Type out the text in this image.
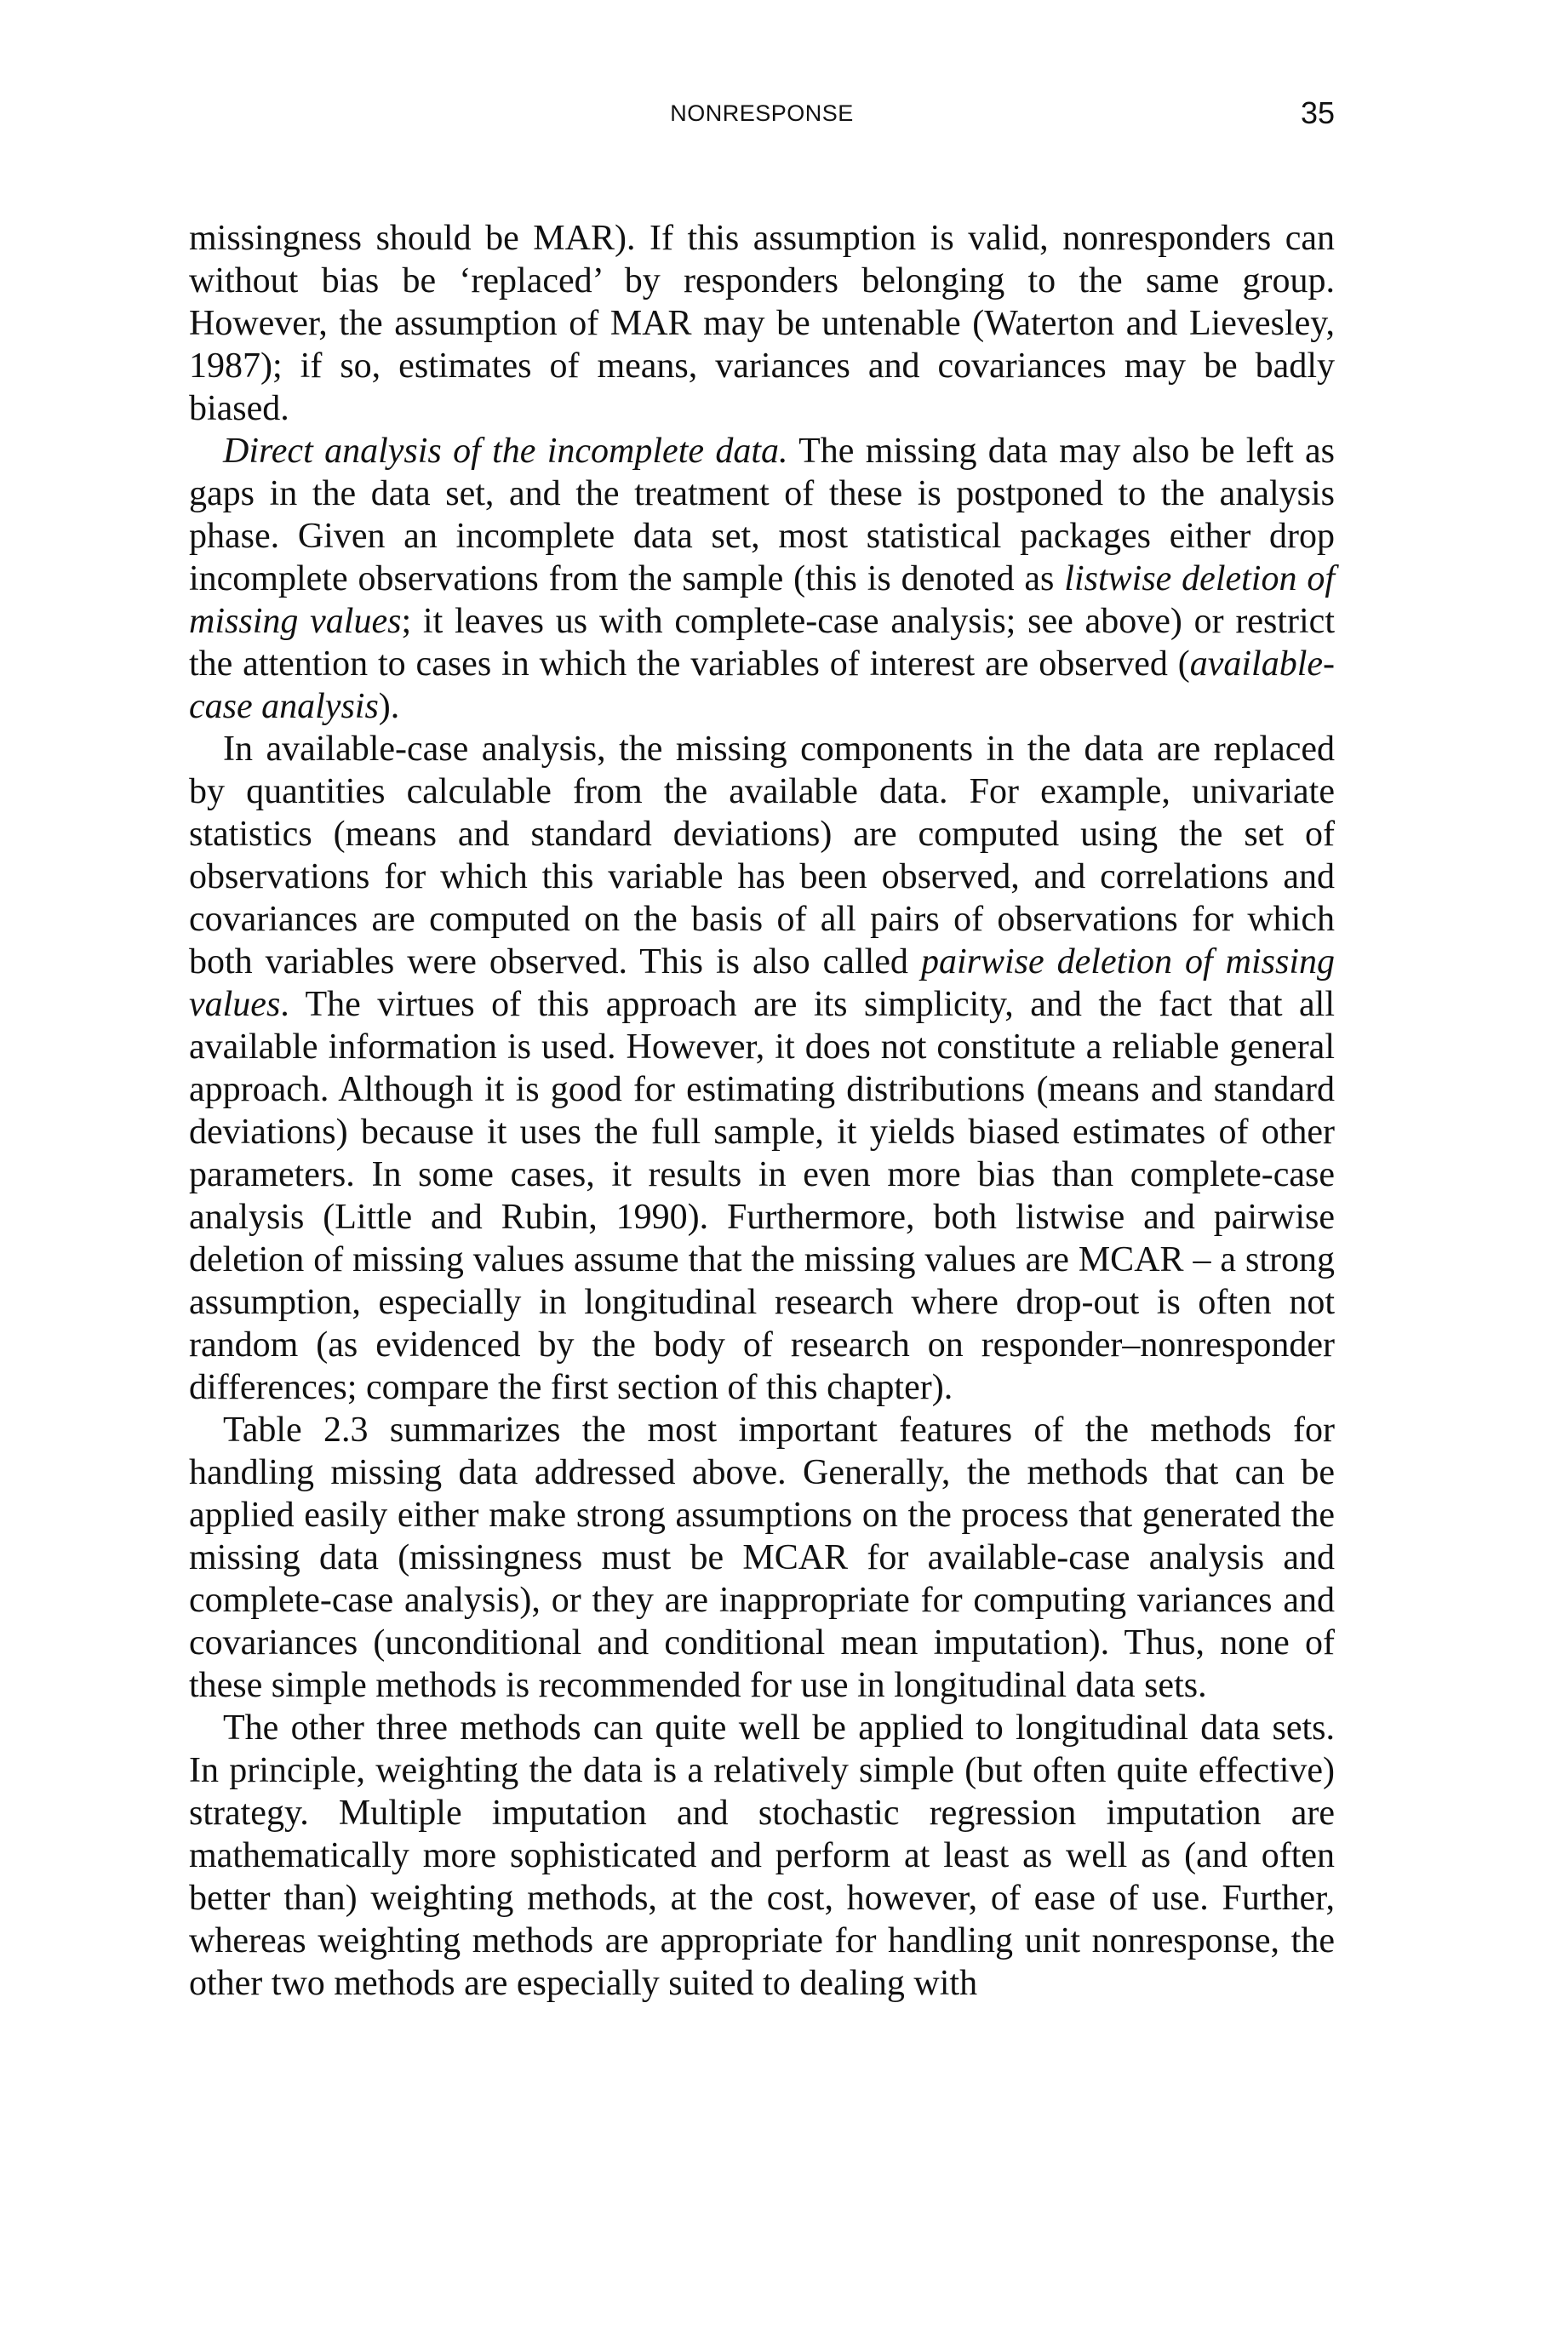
NONRESPONSE	35

missingness should be MAR). If this assumption is valid, nonresponders can without bias be ‘replaced’ by responders belonging to the same group. However, the assumption of MAR may be untenable (Waterton and Lievesley, 1987); if so, estimates of means, variances and covariances may be badly biased.

Direct analysis of the incomplete data. The missing data may also be left as gaps in the data set, and the treatment of these is postponed to the analysis phase. Given an incomplete data set, most statistical packages either drop incomplete observations from the sample (this is denoted as listwise deletion of missing values; it leaves us with complete-case analysis; see above) or restrict the attention to cases in which the variables of interest are observed (available-case analysis).

In available-case analysis, the missing components in the data are replaced by quantities calculable from the available data. For example, univariate statistics (means and standard deviations) are computed using the set of observations for which this variable has been observed, and correlations and covariances are computed on the basis of all pairs of observations for which both variables were observed. This is also called pairwise deletion of missing values. The virtues of this approach are its simplicity, and the fact that all available information is used. However, it does not constitute a reliable general approach. Although it is good for estimating distributions (means and standard deviations) because it uses the full sample, it yields biased estimates of other parameters. In some cases, it results in even more bias than complete-case analysis (Little and Rubin, 1990). Furthermore, both listwise and pairwise deletion of missing values assume that the missing values are MCAR – a strong assumption, especially in longitudinal research where drop-out is often not random (as evidenced by the body of research on responder–nonresponder differences; compare the first section of this chapter).

Table 2.3 summarizes the most important features of the methods for handling missing data addressed above. Generally, the methods that can be applied easily either make strong assumptions on the process that generated the missing data (missingness must be MCAR for available-case analysis and complete-case analysis), or they are inappropriate for computing variances and covariances (unconditional and conditional mean imputation). Thus, none of these simple methods is recommended for use in longitudinal data sets.

The other three methods can quite well be applied to longitudinal data sets. In principle, weighting the data is a relatively simple (but often quite effective) strategy. Multiple imputation and stochastic regression imputation are mathematically more sophisticated and perform at least as well as (and often better than) weighting methods, at the cost, however, of ease of use. Further, whereas weighting methods are appropriate for handling unit nonresponse, the other two methods are especially suited to dealing with
